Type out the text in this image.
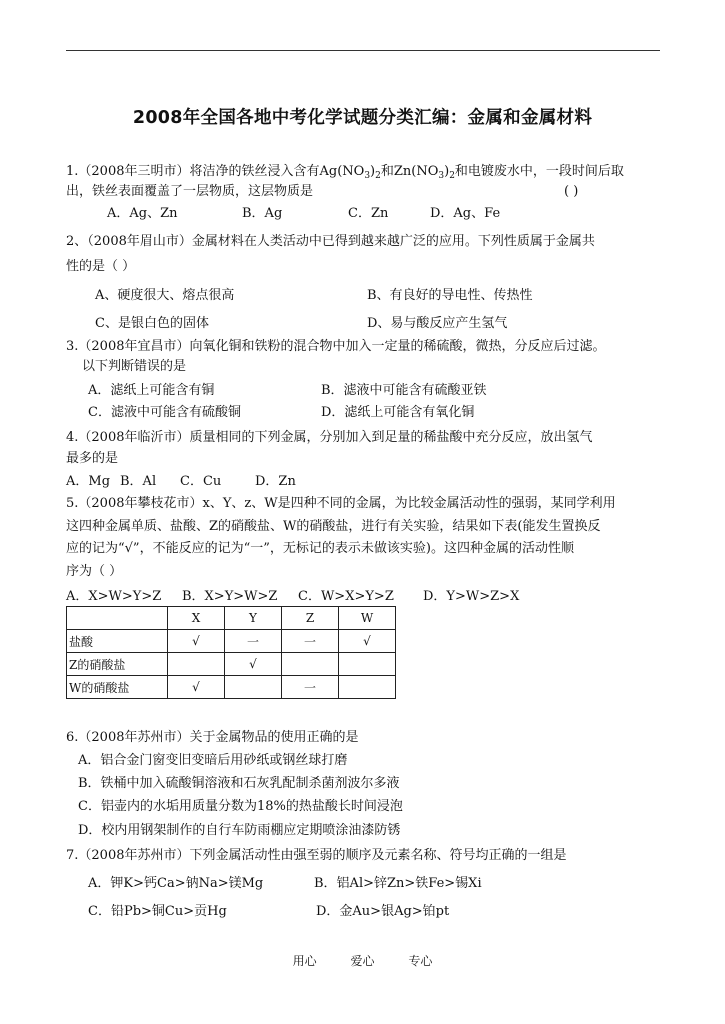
2008年全国各地中考化学试题分类汇编：金属和金属材料
1.（2008年三明市）将洁净的铁丝浸入含有$Ag(NO_3)_2$和$Zn(NO_3)_2$和电镀废水中，一段时间后取
出，铁丝表面覆盖了一层物质，这层物质是	( )
A．Ag、Zn	B．Ag	C．Zn	D．Ag、Fe
2、（2008年眉山市）金属材料在人类活动中已得到越来越广泛的应用。下列性质属于金属共
性的是（ ）
A、硬度很大、熔点很高	B、有良好的导电性、传热性
C、是银白色的固体	D、易与酸反应产生氢气
3.（2008年宜昌市）向氧化铜和铁粉的混合物中加入一定量的稀硫酸，微热，分反应后过滤。
以下判断错误的是
A．滤纸上可能含有铜	B．滤液中可能含有硫酸亚铁
C．滤液中可能含有硫酸铜	D．滤纸上可能含有氧化铜
4.（2008年临沂市）质量相同的下列金属，分别加入到足量的稀盐酸中充分反应，放出氢气
最多的是
A．Mg B．Al C．Cu	D．Zn
5.（2008年攀枝花市）x、Y、z、W是四种不同的金属，为比较金属活动性的强弱，某同学利用
这四种金属单质、盐酸、Z的硝酸盐、W的硝酸盐，进行有关实验，结果如下表(能发生置换反
应的记为“√”，不能反应的记为“一”，无标记的表示未做该实验)。这四种金属的活动性顺
序为（ ）
A．X>W>Y>Z B．X>Y>W>Z C．W>X>Y>Z D．Y>W>Z>X
	X	Y	Z	W
盐酸	√	一	一	√
Z的硝酸盐		√		
W的硝酸盐	√		一	
6.（2008年苏州市）关于金属物品的使用正确的是
A．铝合金门窗变旧变暗后用砂纸或钢丝球打磨
B．铁桶中加入硫酸铜溶液和石灰乳配制杀菌剂波尔多液
C．铝壶内的水垢用质量分数为18%的热盐酸长时间浸泡
D．校内用钢架制作的自行车防雨棚应定期喷涂油漆防锈
7.（2008年苏州市）下列金属活动性由强至弱的顺序及元素名称、符号均正确的一组是
A．钾K>钙Ca>钠Na>镁Mg	B．铝Al>锌Zn>铁Fe>锡Xi
C．铅Pb>铜Cu>贡Hg	D．金Au>银Ag>铂pt
用心	爱心	专心
